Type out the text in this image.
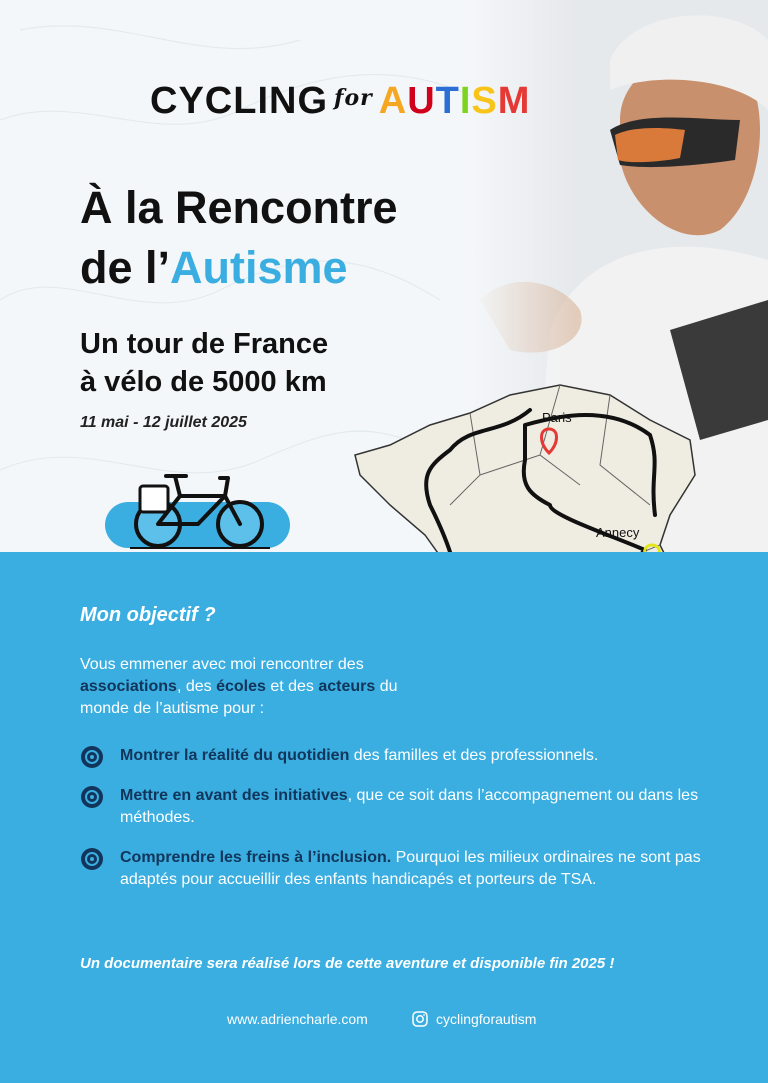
CYCLING $^{for}$ AUTISM
À la Rencontre
de l’Autisme
Un tour de France
à vélo de 5000 km
11 mai - 12 juillet 2025	Paris
Annecy
Mon objectif ?
Vous emmener avec moi rencontrer des associations, des écoles et des acteurs du monde de l’autisme pour :
Montrer la réalité du quotidien des familles et des professionnels.
Mettre en avant des initiatives, que ce soit dans l’accompagnement ou dans les méthodes.
Comprendre les freins à l’inclusion. Pourquoi les milieux ordinaires ne sont pas adaptés pour accueillir des enfants handicapés et porteurs de TSA.
Un documentaire sera réalisé lors de cette aventure et disponible fin 2025 !
www.adriencharle.com	cyclingforautism
